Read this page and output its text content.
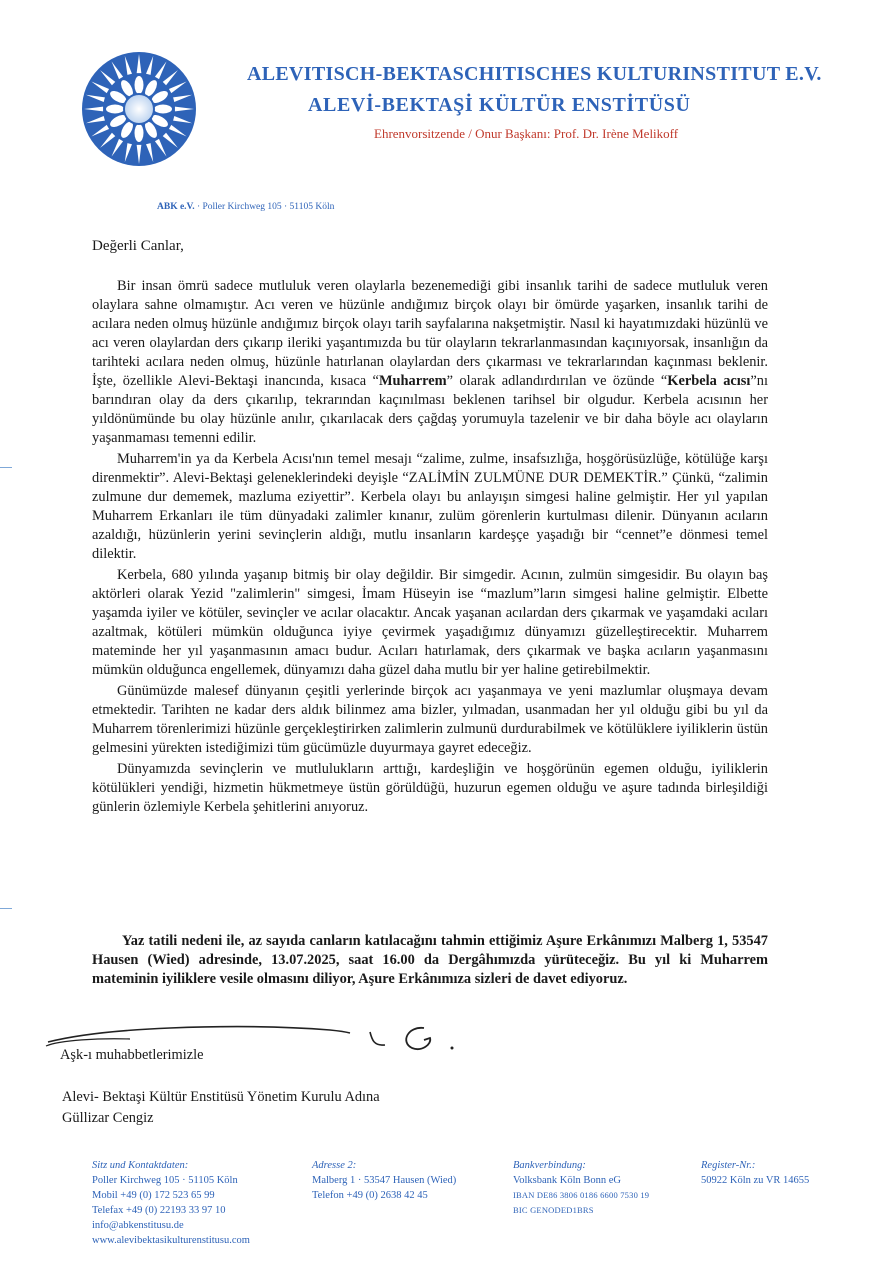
ALEVITISCH-BEKTASCHITISCHES KULTURINSTITUT E.V.
ALEVİ-BEKTAŞİ KÜLTÜR ENSTİTÜSÜ
Ehrenvorsitzende / Onur Başkanı: Prof. Dr. Irène Melikoff
ABK e.V. · Poller Kirchweg 105 · 51105 Köln
Değerli Canlar,

Bir insan ömrü sadece mutluluk veren olaylarla bezenemediği gibi insanlık tarihi de sadece mutluluk veren olaylara sahne olmamıştır. Acı veren ve hüzünle andığımız birçok olayı bir ömürde yaşarken, insanlık tarihi de acılara neden olmuş hüzünle andığımız birçok olayı tarih sayfalarına nakşetmiştir. Nasıl ki hayatımızdaki hüzünlü ve acı veren olaylardan ders çıkarıp ileriki yaşantımızda bu tür olayların tekrarlanmasından kaçınıyorsak, insanlığın da tarihteki acılara neden olmuş, hüzünle hatırlanan olaylardan ders çıkarması ve tekrarlarından kaçınması beklenir. İşte, özellikle Alevi-Bektaşi inancında, kısaca “Muharrem” olarak adlandırdırılan ve özünde “Kerbela acısı”nı barındıran olay da ders çıkarılıp, tekrarından kaçınılması beklenen tarihsel bir olgudur. Kerbela acısının her yıldönümünde bu olay hüzünle anılır, çıkarılacak ders çağdaş yorumuyla tazelenir ve bir daha böyle acı olayların yaşanmaması temenni edilir.

Muharrem'in ya da Kerbela Acısı'nın temel mesajı “zalime, zulme, insafsızlığa, hoşgörüsüzlüğe, kötülüğe karşı direnmektir”. Alevi-Bektaşi geleneklerindeki deyişle “ZALİMİN ZULMÜNE DUR DEMEKTİR.” Çünkü, “zalimin zulmune dur dememek, mazluma eziyettir”. Kerbela olayı bu anlayışın simgesi haline gelmiştir. Her yıl yapılan Muharrem Erkanları ile tüm dünyadaki zalimler kınanır, zulüm görenlerin kurtulması dilenir. Dünyanın acıların azaldığı, hüzünlerin yerini sevinçlerin aldığı, mutlu insanların kardeşçe yaşadığı bir “cennet”e dönmesi temel dilektir.

Kerbela, 680 yılında yaşanıp bitmiş bir olay değildir. Bir simgedir. Acının, zulmün simgesidir. Bu olayın baş aktörleri olarak Yezid "zalimlerin" simgesi, İmam Hüseyin ise “mazlum”ların simgesi haline gelmiştir. Elbette yaşamda iyiler ve kötüler, sevinçler ve acılar olacaktır. Ancak yaşanan acılardan ders çıkarmak ve yaşamdaki acıları azaltmak, kötüleri mümkün olduğunca iyiye çevirmek yaşadığımız dünyamızı güzelleştirecektir. Muharrem mateminde her yıl yaşanmasının amacı budur. Acıları hatırlamak, ders çıkarmak ve başka acıların yaşanmasını mümkün olduğunca engellemek, dünyamızı daha güzel daha mutlu bir yer haline getirebilmektir.

Günümüzde malesef dünyanın çeşitli yerlerinde birçok acı yaşanmaya ve yeni mazlumlar oluşmaya devam etmektedir. Tarihten ne kadar ders aldık bilinmez ama bizler, yılmadan, usanmadan her yıl olduğu gibi bu yıl da Muharrem törenlerimizi hüzünle gerçekleştirirken zalimlerin zulmunü durdurabilmek ve kötülüklere iyiliklerin üstün gelmesini yürekten istediğimizi tüm gücümüzle duyurmaya gayret edeceğiz.

Dünyamızda sevinçlerin ve mutlulukların arttığı, kardeşliğin ve hoşgörünün egemen olduğu, iyiliklerin kötülükleri yendiği, hizmetin hükmetmeye üstün görüldüğü, huzurun egemen olduğu ve aşure tadında birleşildiği günlerin özlemiyle Kerbela şehitlerini anıyoruz.

Yaz tatili nedeni ile, az sayıda canların katılacağını tahmin ettiğimiz Aşure Erkânımızı Malberg 1, 53547 Hausen (Wied) adresinde, 13.07.2025, saat 16.00 da Dergâhımızda yürüteceğiz. Bu yıl ki Muharrem mateminin iyiliklere vesile olmasını diliyor, Aşure Erkânımıza sizleri de davet ediyoruz.
Aşk-ı muhabbetlerimizle
Alevi- Bektaşi Kültür Enstitüsü Yönetim Kurulu Adına
Güllizar Cengiz
Sitz und Kontaktdaten:
Poller Kirchweg 105 · 51105 Köln
Mobil +49 (0) 172 523 65 99
Telefax +49 (0) 22193 33 97 10
info@abkenstitusu.de
www.alevibektasikulturenstitusu.com
Adresse 2:
Malberg 1 · 53547 Hausen (Wied)
Telefon +49 (0) 2638 42 45
Bankverbindung:
Volksbank Köln Bonn eG
IBAN DE86 3806 0186 6600 7530 19
BIC GENODED1BRS
Register-Nr.:
50922 Köln zu VR 14655
